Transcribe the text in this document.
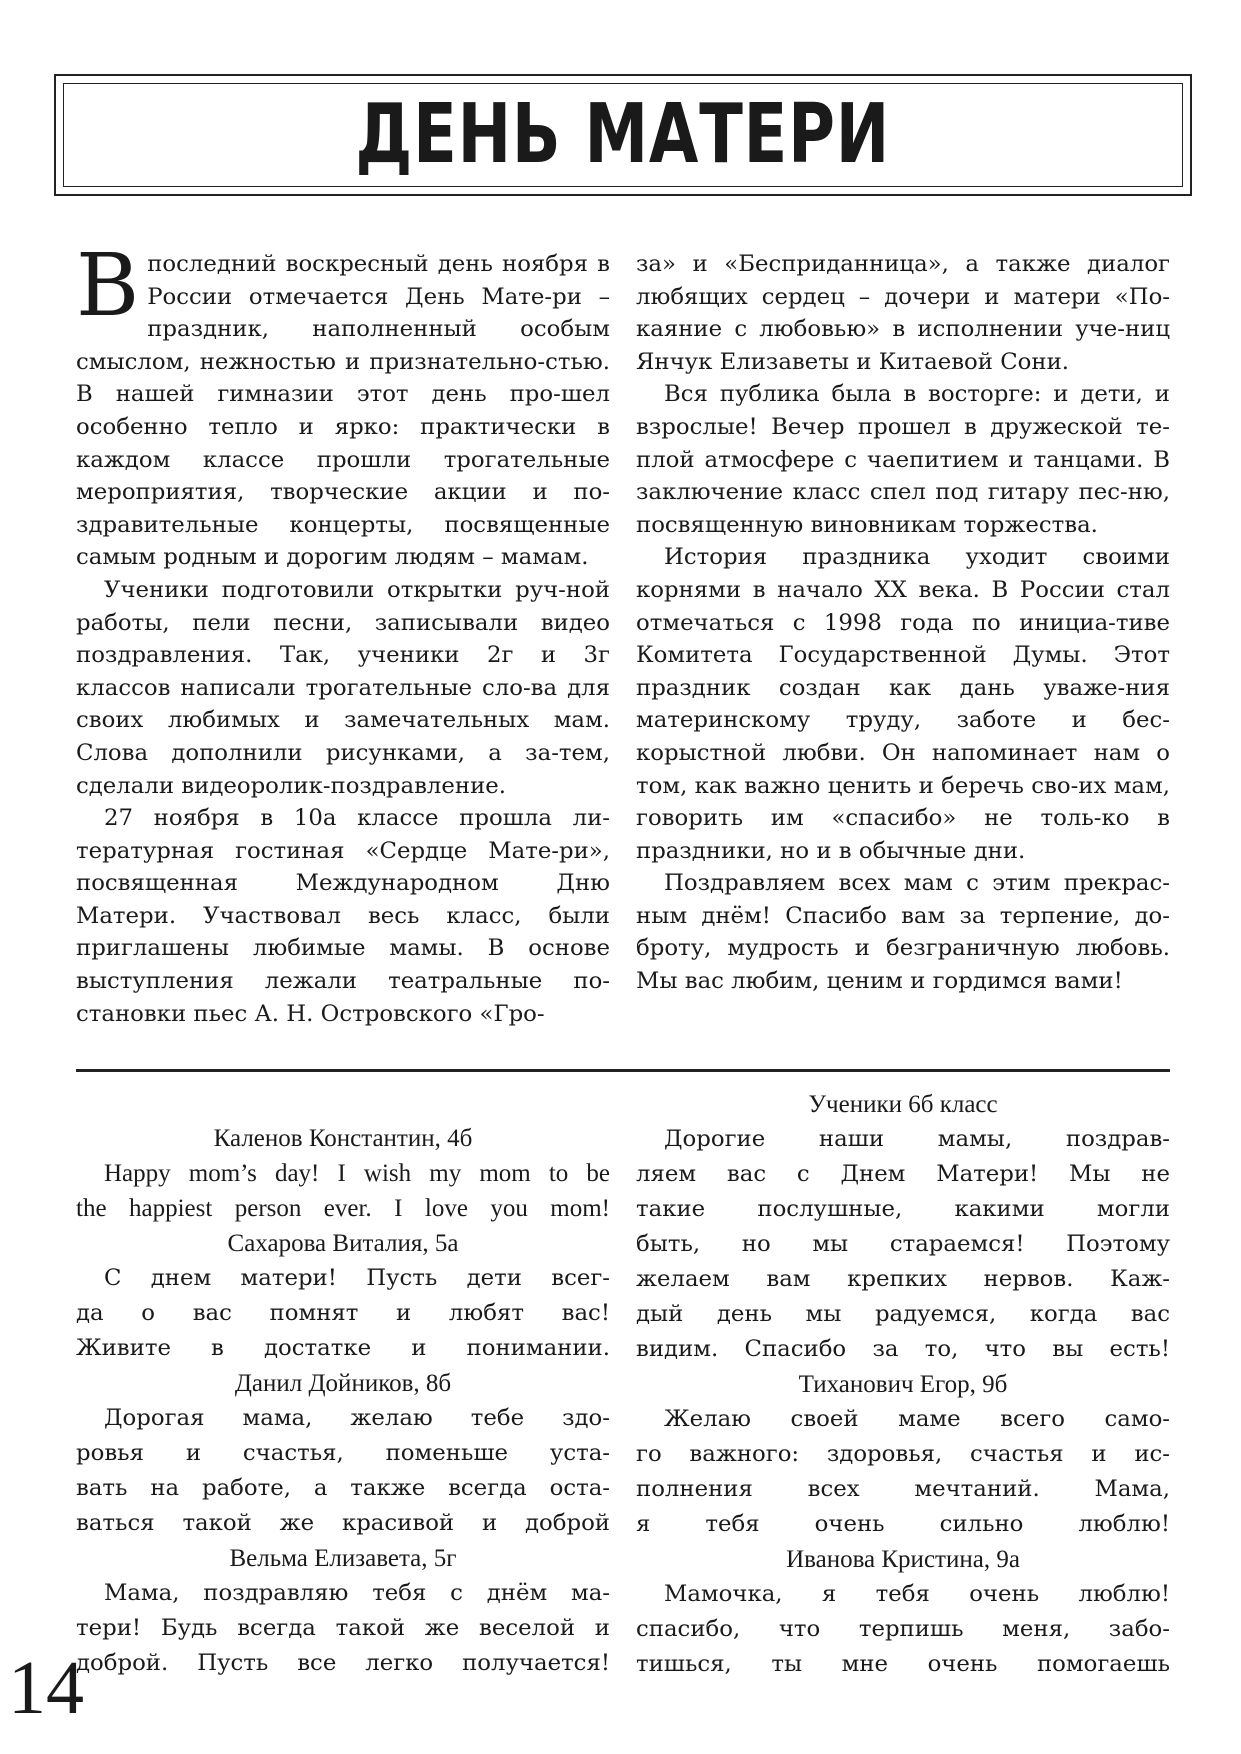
ДЕНЬ МАТЕРИ

Впоследний воскресный день ноября в России отмечается День Мате-ри – праздник, наполненный особым смыслом, нежностью и признательно-стью. В нашей гимназии этот день про-шел особенно тепло и ярко: практически в каждом классе прошли трогательные мероприятия, творческие акции и по-здравительные концерты, посвященные самым родным и дорогим людям – мамам.

Ученики подготовили открытки руч-ной работы, пели песни, записывали видео поздравления. Так, ученики 2г и 3г классов написали трогательные сло-ва для своих любимых и замечательных мам. Слова дополнили рисунками, а за-тем, сделали видеоролик-поздравление.

27 ноября в 10а классе прошла ли-тературная гостиная «Сердце Мате-ри», посвященная Международном Дню Матери. Участвовал весь класс, были приглашены любимые мамы. В основе выступления лежали театральные по-становки пьес А. Н. Островского «Гро-

за» и «Бесприданница», а также диалог любящих сердец – дочери и матери «По-каяние с любовью» в исполнении уче-ниц Янчук Елизаветы и Китаевой Сони.

Вся публика была в восторге: и дети, и взрослые! Вечер прошел в дружеской те-плой атмосфере с чаепитием и танцами. В заключение класс спел под гитару пес-ню, посвященную виновникам торжества.

История праздника уходит своими корнями в начало XX века. В России стал отмечаться с 1998 года по инициа-тиве Комитета Государственной Думы. Этот праздник создан как дань уваже-ния материнскому труду, заботе и бес-корыстной любви. Он напоминает нам о том, как важно ценить и беречь сво-их мам, говорить им «спасибо» не толь-ко в праздники, но и в обычные дни.

Поздравляем всех мам с этим прекрас-ным днём! Спасибо вам за терпение, до-броту, мудрость и безграничную любовь. Мы вас любим, ценим и гордимся вами!

Каленов Константин, 4б
Happy mom’s day! I wish my mom to be
the happiest person ever. I love you mom!
Сахарова Виталия, 5а
С днем матери! Пусть дети всег-
да о вас помнят и любят вас!
Живите в достатке и понимании.
Данил Дойников, 8б
Дорогая мама, желаю тебе здо-
ровья и счастья, поменьше уста-
вать на работе, а также всегда оста-
ваться такой же красивой и доброй
Вельма Елизавета, 5г
Мама, поздравляю тебя с днём ма-
тери! Будь всегда такой же веселой и
доброй. Пусть все легко получается!
Ученики 6б класс
Дорогие наши мамы, поздрав-
ляем вас с Днем Матери! Мы не
такие послушные, какими могли
быть, но мы стараемся! Поэтому
желаем вам крепких нервов. Каж-
дый день мы радуемся, когда вас
видим. Спасибо за то, что вы есть!
Тиханович Егор, 9б
Желаю своей маме всего само-
го важного: здоровья, счастья и ис-
полнения всех мечтаний. Мама,
я тебя очень сильно люблю!
Иванова Кристина, 9а
Мамочка, я тебя очень люблю!
спасибо, что терпишь меня, забо-
тишься, ты мне очень помогаешь
14
